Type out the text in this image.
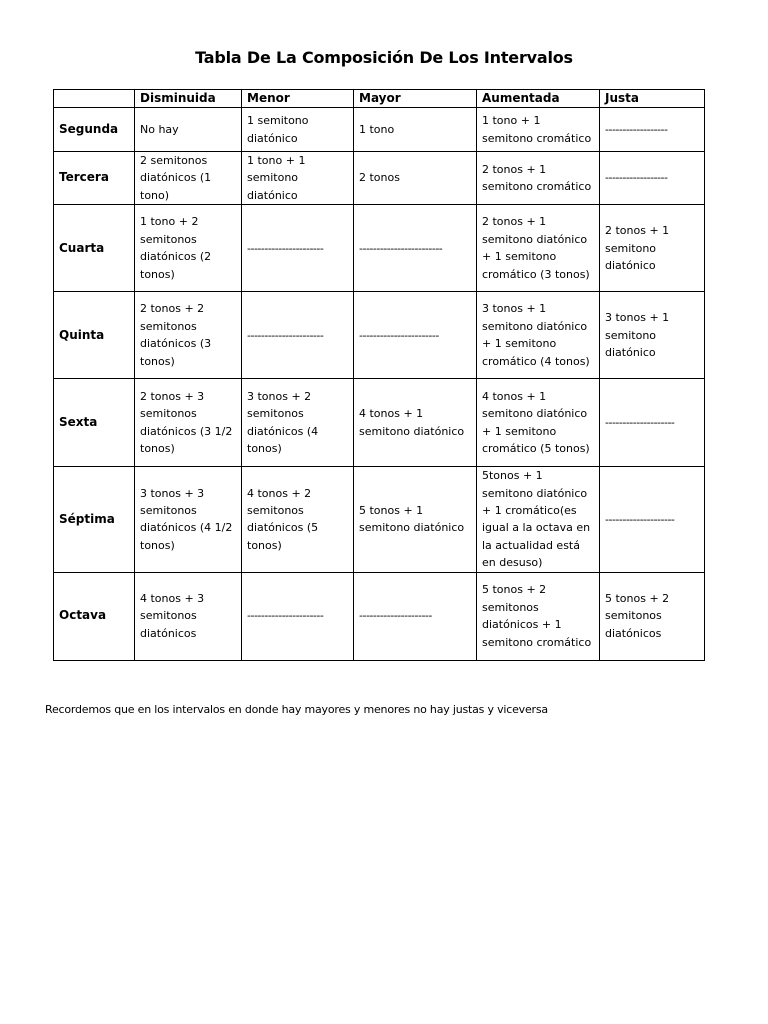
Tabla De La Composición De Los Intervalos
	Disminuida	Menor	Mayor	Aumentada	Justa
Segunda	No hay	1 semitono diatónico	1 tono	1 tono + 1 semitono cromático	------------------
Tercera	2 semitonos diatónicos (1 tono)	1 tono + 1 semitono diatónico	2 tonos	2 tonos + 1 semitono cromático	------------------
Cuarta	1 tono + 2 semitonos diatónicos (2 tonos)	----------------------	------------------------	2 tonos + 1 semitono diatónico + 1 semitono cromático (3 tonos)	2 tonos + 1 semitono diatónico
Quinta	2 tonos + 2 semitonos diatónicos (3 tonos)	----------------------	-----------------------	3 tonos + 1 semitono diatónico + 1 semitono cromático (4 tonos)	3 tonos + 1 semitono diatónico
Sexta	2 tonos + 3 semitonos diatónicos (3 1/2 tonos)	3 tonos + 2 semitonos diatónicos (4 tonos)	4 tonos + 1 semitono diatónico	4 tonos + 1 semitono diatónico + 1 semitono cromático (5 tonos)	--------------------
Séptima	3 tonos + 3 semitonos diatónicos (4 1/2 tonos)	4 tonos + 2 semitonos diatónicos (5 tonos)	5 tonos + 1 semitono diatónico	5tonos + 1 semitono diatónico + 1 cromático(es igual a la octava en la actualidad está en desuso)	--------------------
Octava	4 tonos + 3 semitonos diatónicos	----------------------	---------------------	5 tonos + 2 semitonos diatónicos + 1 semitono cromático	5 tonos + 2 semitonos diatónicos
Recordemos que en los intervalos en donde hay mayores y menores no hay justas y viceversa
